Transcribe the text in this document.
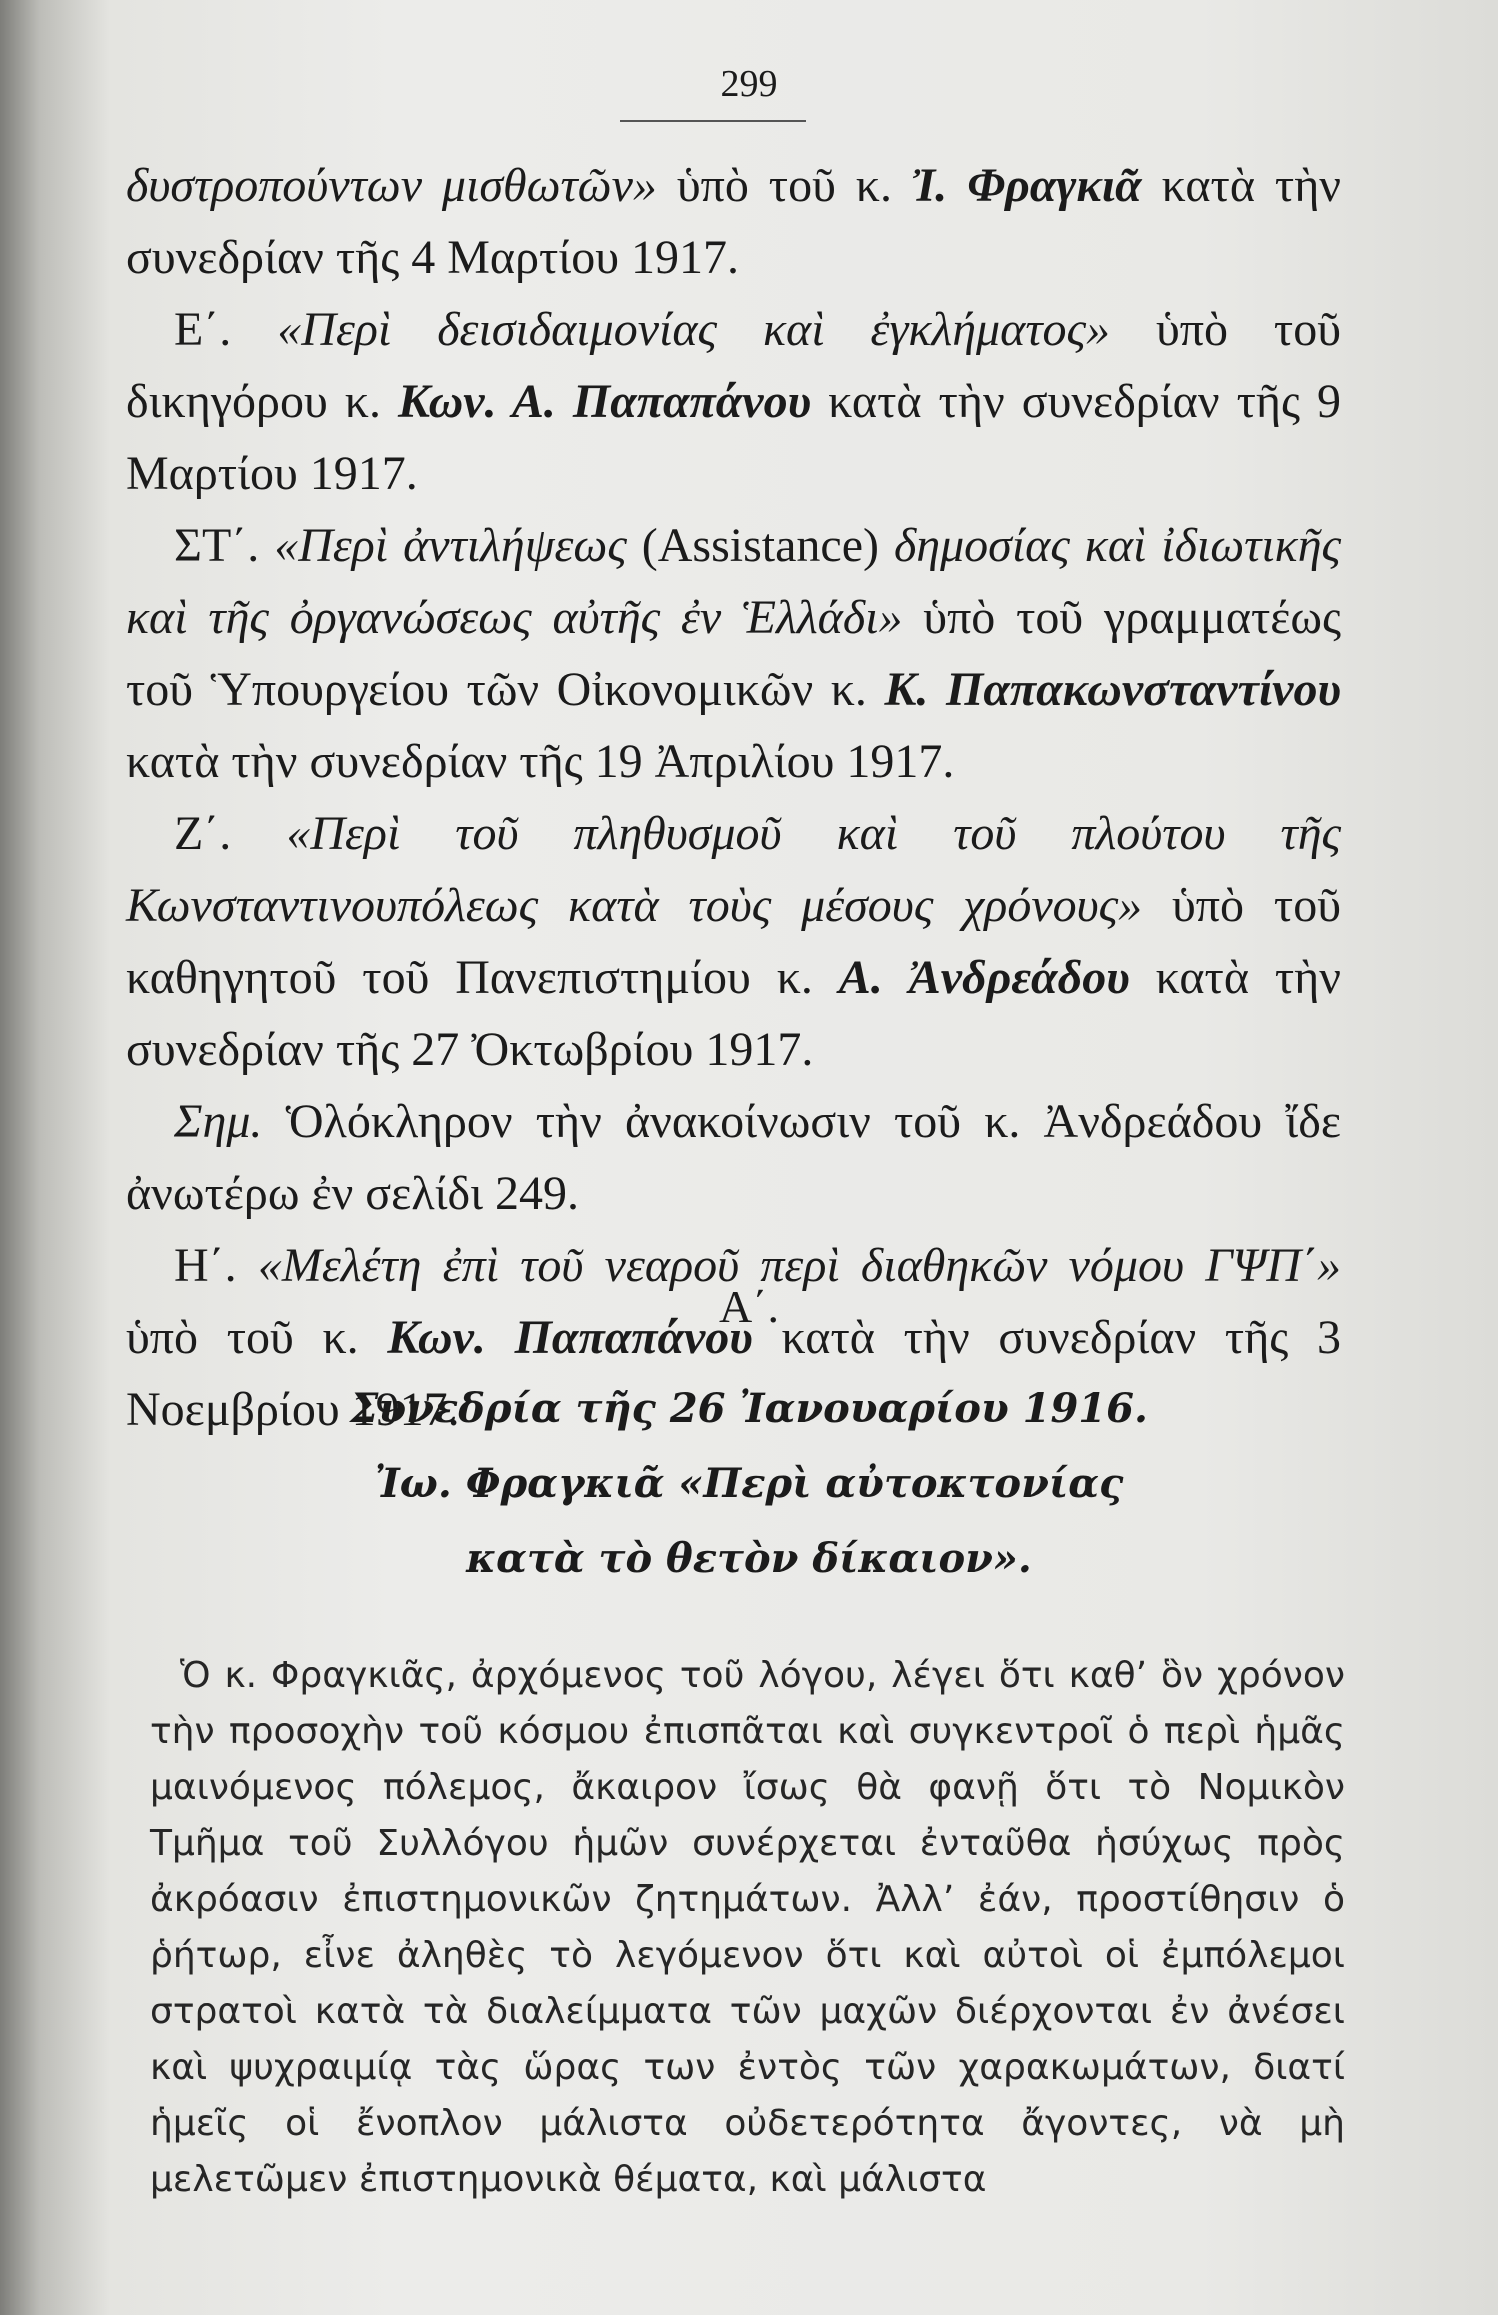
299

δυστροπούντων μισθωτῶν» ὑπὸ τοῦ κ. Ἰ. Φραγκιᾶ κατὰ τὴν συνεδρίαν τῆς 4 Μαρτίου 1917.

Ε΄. «Περὶ δεισιδαιμονίας καὶ ἐγκλήματος» ὑπὸ τοῦ δικηγόρου κ. Κων. Α. Παπαπάνου κατὰ τὴν συνεδρίαν τῆς 9 Μαρτίου 1917.

ΣΤ΄. «Περὶ ἀντιλήψεως (Assistance) δημοσίας καὶ ἰδιωτικῆς καὶ τῆς ὀργανώσεως αὐτῆς ἐν Ἑλλάδι» ὑπὸ τοῦ γραμματέως τοῦ Ὑπουργείου τῶν Οἰκονομικῶν κ. Κ. Παπακωνσταντίνου κατὰ τὴν συνεδρίαν τῆς 19 Ἀπριλίου 1917.

Ζ΄. «Περὶ τοῦ πληθυσμοῦ καὶ τοῦ πλούτου τῆς Κωνσταντινουπόλεως κατὰ τοὺς μέσους χρόνους» ὑπὸ τοῦ καθηγητοῦ τοῦ Πανεπιστημίου κ. Α. Ἀνδρεάδου κατὰ τὴν συνεδρίαν τῆς 27 Ὀκτωβρίου 1917.

Σημ. Ὁλόκληρον τὴν ἀνακοίνωσιν τοῦ κ. Ἀνδρεάδου ἴδε ἀνωτέρω ἐν σελίδι 249.

Η΄. «Μελέτη ἐπὶ τοῦ νεαροῦ περὶ διαθηκῶν νόμου ΓΨΠ΄» ὑπὸ τοῦ κ. Κων. Παπαπάνου κατὰ τὴν συνεδρίαν τῆς 3 Νοεμβρίου 1917.

Α΄.
Συνεδρία τῆς 26 Ἰανουαρίου 1916.
Ἰω. Φραγκιᾶ «Περὶ αὐτοκτονίας
κατὰ τὸ θετὸν δίκαιον».

Ὁ κ. Φραγκιᾶς, ἀρχόμενος τοῦ λόγου, λέγει ὅτι καθ’ ὃν χρόνον τὴν προσοχὴν τοῦ κόσμου ἐπισπᾶται καὶ συγκεντροῖ ὁ περὶ ἡμᾶς μαινόμενος πόλεμος, ἄκαιρον ἴσως θὰ φανῇ ὅτι τὸ Νομικὸν Τμῆμα τοῦ Συλλόγου ἡμῶν συνέρχεται ἐνταῦθα ἡσύχως πρὸς ἀκρόασιν ἐπιστημονικῶν ζητημάτων. Ἀλλ’ ἐάν, προστίθησιν ὁ ῥήτωρ, εἶνε ἀληθὲς τὸ λεγόμενον ὅτι καὶ αὐτοὶ οἱ ἐμπόλεμοι στρατοὶ κατὰ τὰ διαλείμματα τῶν μαχῶν διέρχονται ἐν ἀνέσει καὶ ψυχραιμίᾳ τὰς ὥρας των ἐντὸς τῶν χαρακωμάτων, διατί ἡμεῖς οἱ ἔνοπλον μάλιστα οὐδετερότητα ἄγοντες, νὰ μὴ μελετῶμεν ἐπιστημονικὰ θέματα, καὶ μάλιστα
